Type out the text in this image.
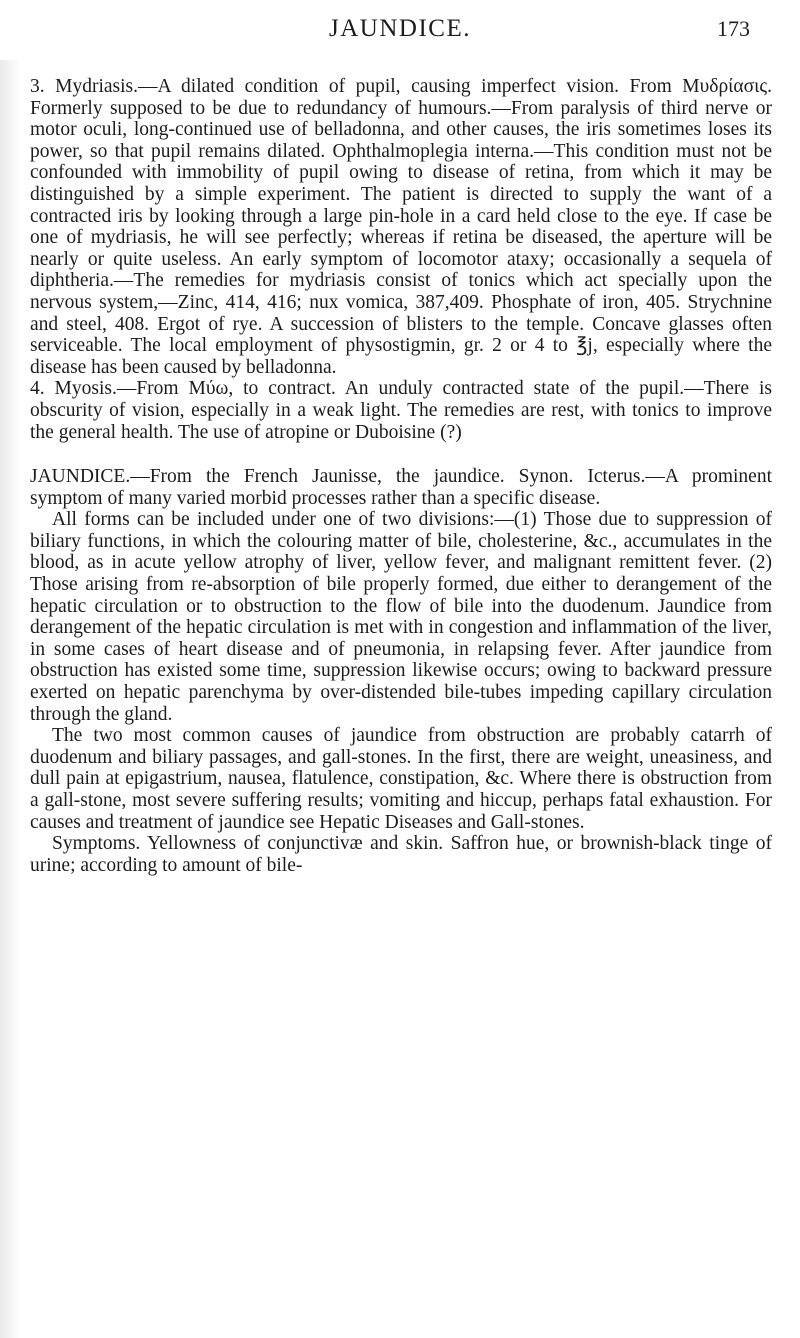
JAUNDICE.	173

3. Mydriasis.—A dilated condition of pupil, causing imperfect vision. From Μυδρίασις. Formerly supposed to be due to redundancy of humours.—From paralysis of third nerve or motor oculi, long-continued use of belladonna, and other causes, the iris sometimes loses its power, so that pupil remains dilated. Ophthalmoplegia interna.—This condition must not be confounded with immobility of pupil owing to disease of retina, from which it may be distinguished by a simple experiment. The patient is directed to supply the want of a contracted iris by looking through a large pin-hole in a card held close to the eye. If case be one of mydriasis, he will see perfectly; whereas if retina be diseased, the aperture will be nearly or quite useless. An early symptom of locomotor ataxy; occasionally a sequela of diphtheria.—The remedies for mydriasis consist of tonics which act specially upon the nervous system,—Zinc, 414, 416; nux vomica, 387,409. Phosphate of iron, 405. Strychnine and steel, 408. Ergot of rye. A succession of blisters to the temple. Concave glasses often serviceable. The local employment of physostigmin, gr. 2 or 4 to ℥j, especially where the disease has been caused by belladonna.

4. Myosis.—From Μύω, to contract. An unduly contracted state of the pupil.—There is obscurity of vision, especially in a weak light. The remedies are rest, with tonics to improve the general health. The use of atropine or Duboisine (?)

JAUNDICE.—From the French Jaunisse, the jaundice. Synon. Icterus.—A prominent symptom of many varied morbid processes rather than a specific disease.

All forms can be included under one of two divisions:—(1) Those due to suppression of biliary functions, in which the colouring matter of bile, cholesterine, &c., accumulates in the blood, as in acute yellow atrophy of liver, yellow fever, and malignant remittent fever. (2) Those arising from re-absorption of bile properly formed, due either to derangement of the hepatic circulation or to obstruction to the flow of bile into the duodenum. Jaundice from derangement of the hepatic circulation is met with in congestion and inflammation of the liver, in some cases of heart disease and of pneumonia, in relapsing fever. After jaundice from obstruction has existed some time, suppression likewise occurs; owing to backward pressure exerted on hepatic parenchyma by over-distended bile-tubes impeding capillary circulation through the gland.

The two most common causes of jaundice from obstruction are probably catarrh of duodenum and biliary passages, and gall-stones. In the first, there are weight, uneasiness, and dull pain at epigastrium, nausea, flatulence, constipation, &c. Where there is obstruction from a gall-stone, most severe suffering results; vomiting and hiccup, perhaps fatal exhaustion. For causes and treatment of jaundice see Hepatic Diseases and Gall-stones.

Symptoms. Yellowness of conjunctivæ and skin. Saffron hue, or brownish-black tinge of urine; according to amount of bile-
